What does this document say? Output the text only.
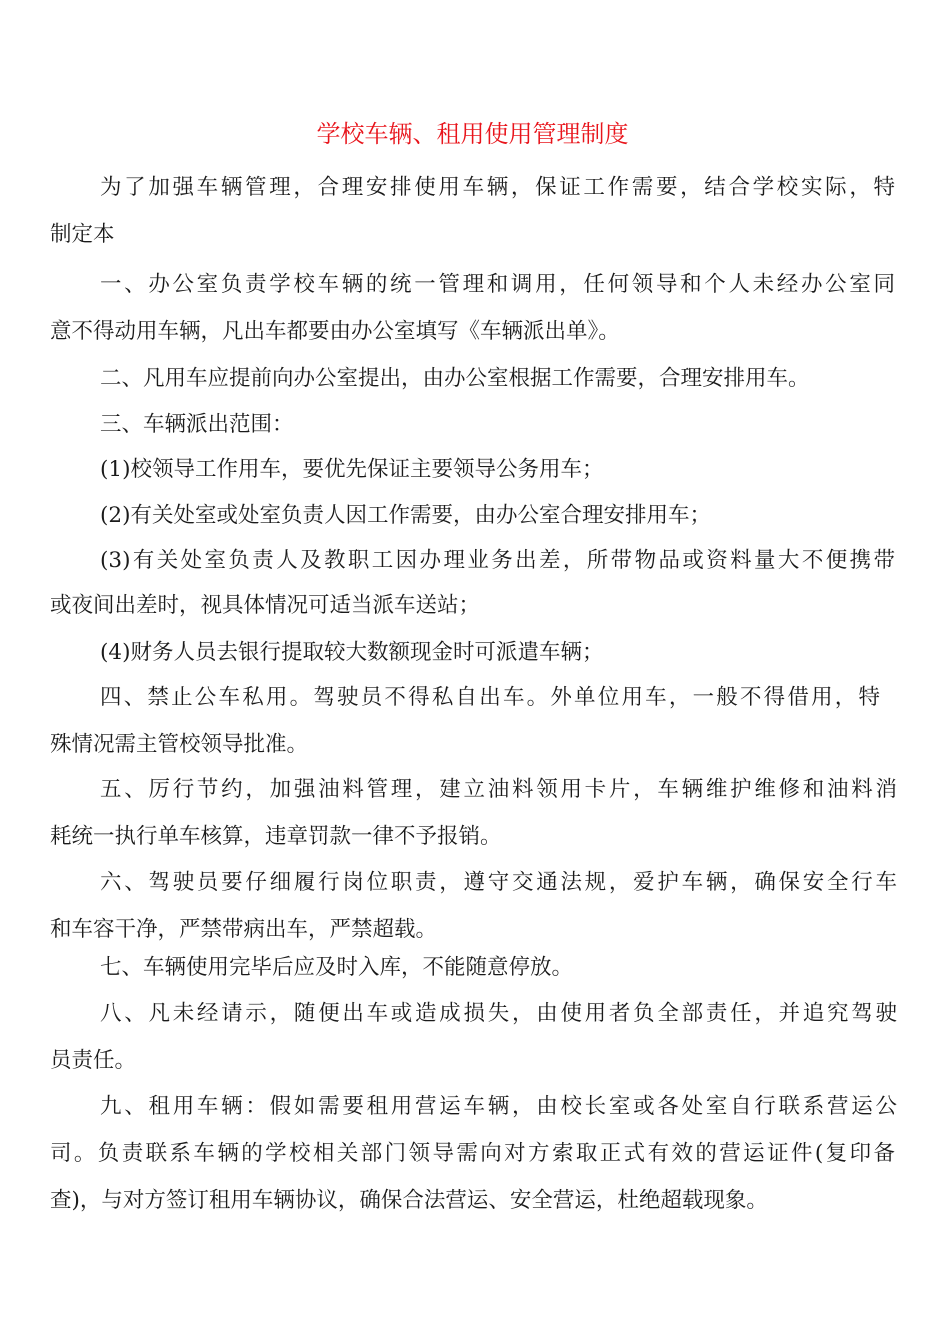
学校车辆、租用使用管理制度
为了加强车辆管理，合理安排使用车辆，保证工作需要，结合学校实际，特
制定本
一、办公室负责学校车辆的统一管理和调用，任何领导和个人未经办公室同
意不得动用车辆，凡出车都要由办公室填写《车辆派出单》。
二、凡用车应提前向办公室提出，由办公室根据工作需要，合理安排用车。
三、车辆派出范围：
(1)校领导工作用车，要优先保证主要领导公务用车；
(2)有关处室或处室负责人因工作需要，由办公室合理安排用车；
(3)有关处室负责人及教职工因办理业务出差，所带物品或资料量大不便携带
或夜间出差时，视具体情况可适当派车送站；
(4)财务人员去银行提取较大数额现金时可派遣车辆；
四、禁止公车私用。驾驶员不得私自出车。外单位用车，一般不得借用，特
殊情况需主管校领导批准。
五、厉行节约，加强油料管理，建立油料领用卡片，车辆维护维修和油料消
耗统一执行单车核算，违章罚款一律不予报销。
六、驾驶员要仔细履行岗位职责，遵守交通法规，爱护车辆，确保安全行车
和车容干净，严禁带病出车，严禁超载。
七、车辆使用完毕后应及时入库，不能随意停放。
八、凡未经请示，随便出车或造成损失，由使用者负全部责任，并追究驾驶
员责任。
九、租用车辆：假如需要租用营运车辆，由校长室或各处室自行联系营运公
司。负责联系车辆的学校相关部门领导需向对方索取正式有效的营运证件(复印备
查)，与对方签订租用车辆协议，确保合法营运、安全营运，杜绝超载现象。
